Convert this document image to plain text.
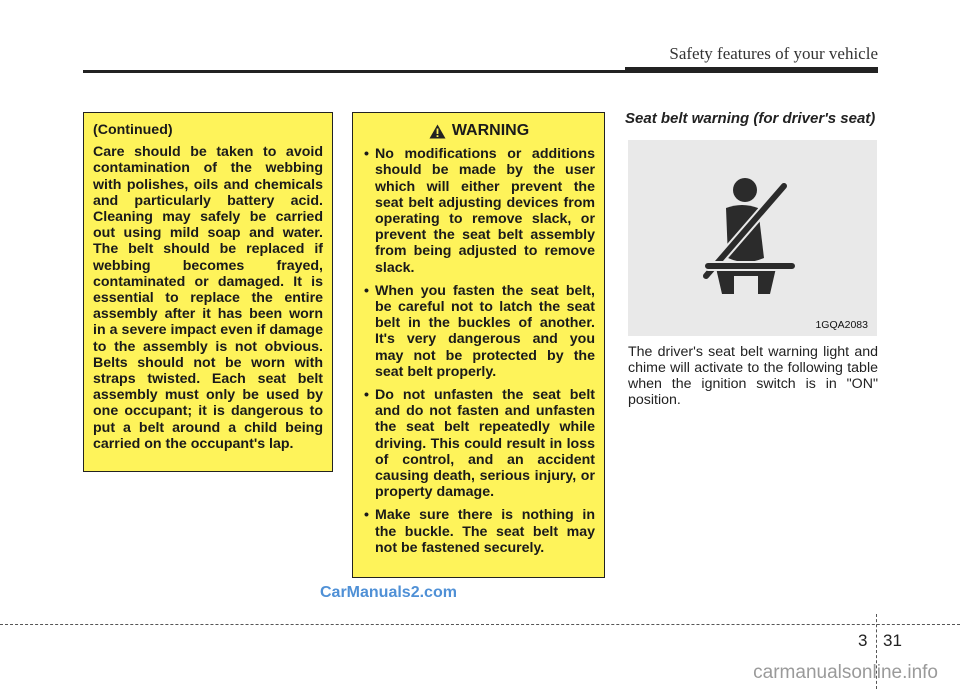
Safety features of your vehicle
(Continued)

Care should be taken to avoid contamination of the webbing with polishes, oils and chemicals and particularly battery acid. Cleaning may safely be carried out using mild soap and water. The belt should be replaced if webbing becomes frayed, contaminated or damaged. It is essential to replace the entire assembly after it has been worn in a severe impact even if damage to the assembly is not obvious. Belts should not be worn with straps twisted. Each seat belt assembly must only be used by one occupant; it is dangerous to put a belt around a child being carried on the occupant's lap.

WARNING
• No modifications or additions should be made by the user which will either prevent the seat belt adjusting devices from operating to remove slack, or prevent the seat belt assembly from being adjusted to remove slack.
• When you fasten the seat belt, be careful not to latch the seat belt in the buckles of another. It's very dangerous and you may not be protected by the seat belt properly.
• Do not unfasten the seat belt and do not fasten and unfasten the seat belt repeatedly while driving. This could result in loss of control, and an accident causing death, serious injury, or property damage.
• Make sure there is nothing in the buckle. The seat belt may not be fastened securely.
Seat belt warning (for driver's seat)
1GQA2083

The driver's seat belt warning light and chime will activate to the following table when the ignition switch is in "ON" position.

CarManuals2.com
3 31
carmanualsonline.info
